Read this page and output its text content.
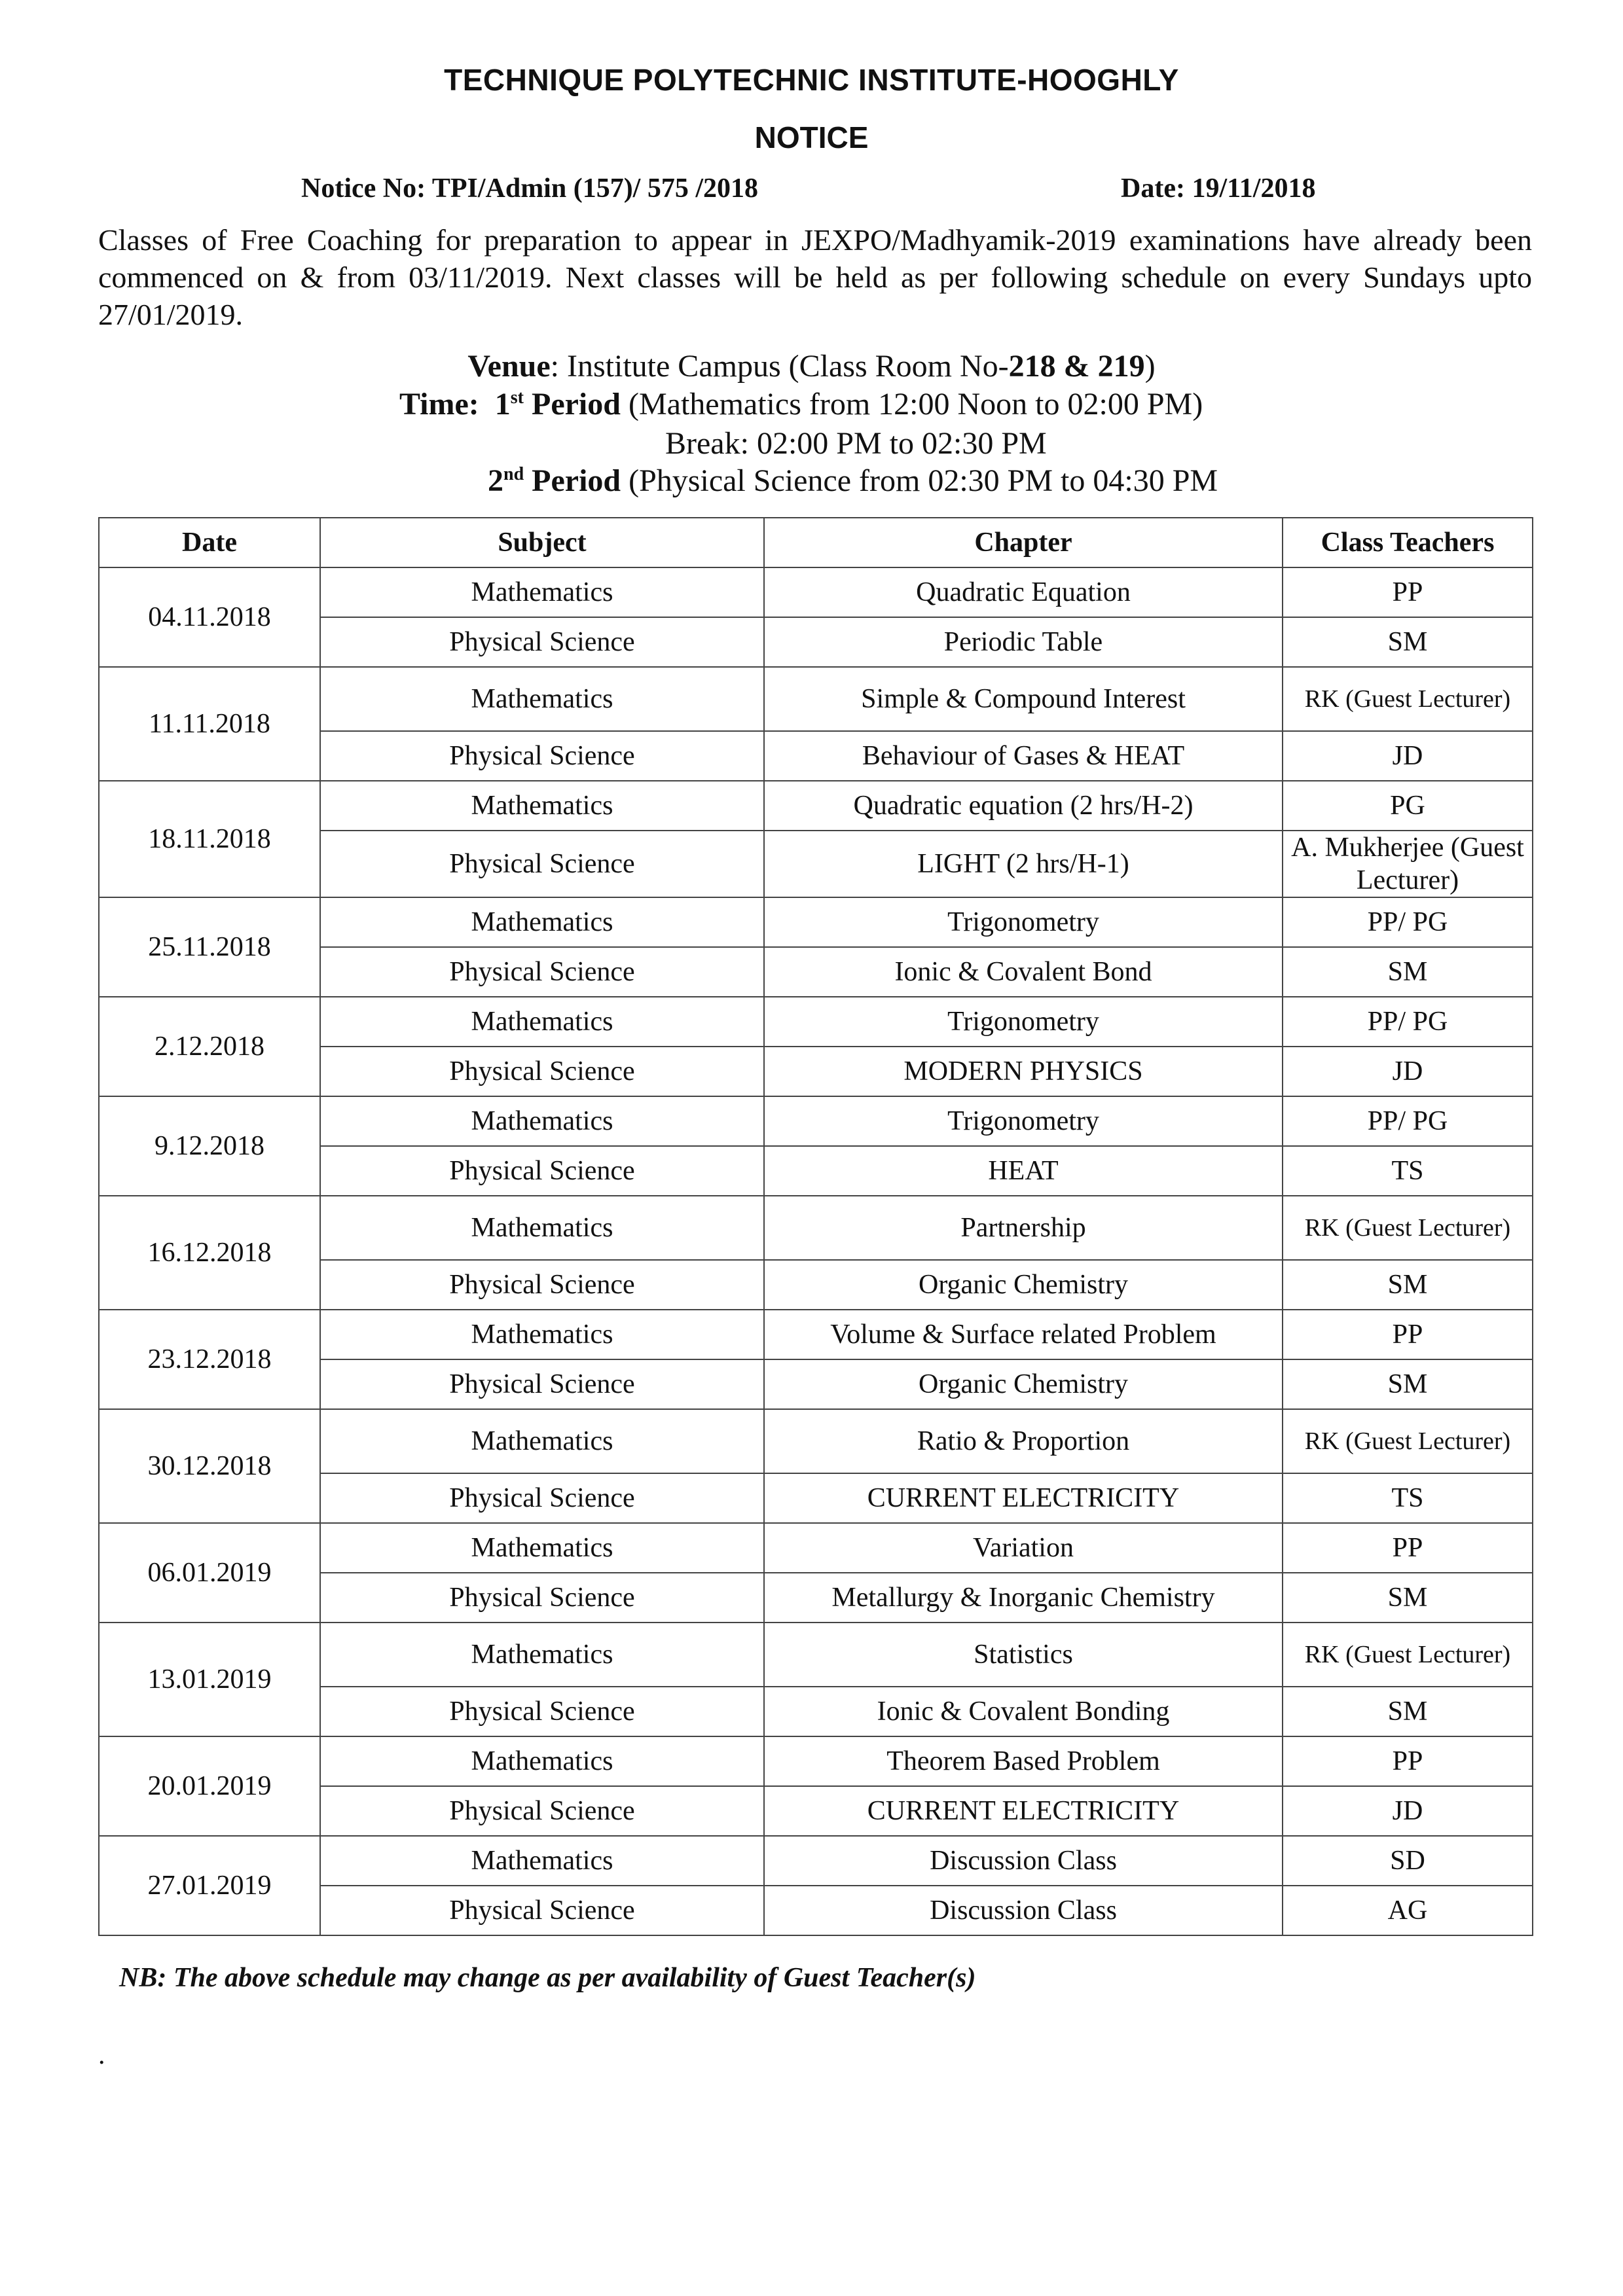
TECHNIQUE POLYTECHNIC INSTITUTE-HOOGHLY
NOTICE
Notice No: TPI/Admin (157)/ 575 /2018	Date: 19/11/2018
Classes of Free Coaching for preparation to appear in JEXPO/Madhyamik-2019 examinations have already been commenced on & from 03/11/2019. Next classes will be held as per following schedule on every Sundays upto 27/01/2019.
Venue: Institute Campus (Class Room No-218 & 219)
Time: 1st Period (Mathematics from 12:00 Noon to 02:00 PM)
Break: 02:00 PM to 02:30 PM
2nd Period (Physical Science from 02:30 PM to 04:30 PM
Date	Subject	Chapter	Class Teachers
04.11.2018	Mathematics	Quadratic Equation	PP
	Physical Science	Periodic Table	SM
11.11.2018	Mathematics	Simple & Compound Interest	RK (Guest Lecturer)
	Physical Science	Behaviour of Gases & HEAT	JD
18.11.2018	Mathematics	Quadratic equation (2 hrs/H-2)	PG
	Physical Science	LIGHT (2 hrs/H-1)	A. Mukherjee (Guest Lecturer)
25.11.2018	Mathematics	Trigonometry	PP/ PG
	Physical Science	Ionic & Covalent Bond	SM
2.12.2018	Mathematics	Trigonometry	PP/ PG
	Physical Science	MODERN PHYSICS	JD
9.12.2018	Mathematics	Trigonometry	PP/ PG
	Physical Science	HEAT	TS
16.12.2018	Mathematics	Partnership	RK (Guest Lecturer)
	Physical Science	Organic Chemistry	SM
23.12.2018	Mathematics	Volume & Surface related Problem	PP
	Physical Science	Organic Chemistry	SM
30.12.2018	Mathematics	Ratio & Proportion	RK (Guest Lecturer)
	Physical Science	CURRENT ELECTRICITY	TS
06.01.2019	Mathematics	Variation	PP
	Physical Science	Metallurgy & Inorganic Chemistry	SM
13.01.2019	Mathematics	Statistics	RK (Guest Lecturer)
	Physical Science	Ionic & Covalent Bonding	SM
20.01.2019	Mathematics	Theorem Based Problem	PP
	Physical Science	CURRENT ELECTRICITY	JD
27.01.2019	Mathematics	Discussion Class	SD
	Physical Science	Discussion Class	AG
NB: The above schedule may change as per availability of Guest Teacher(s)
.
